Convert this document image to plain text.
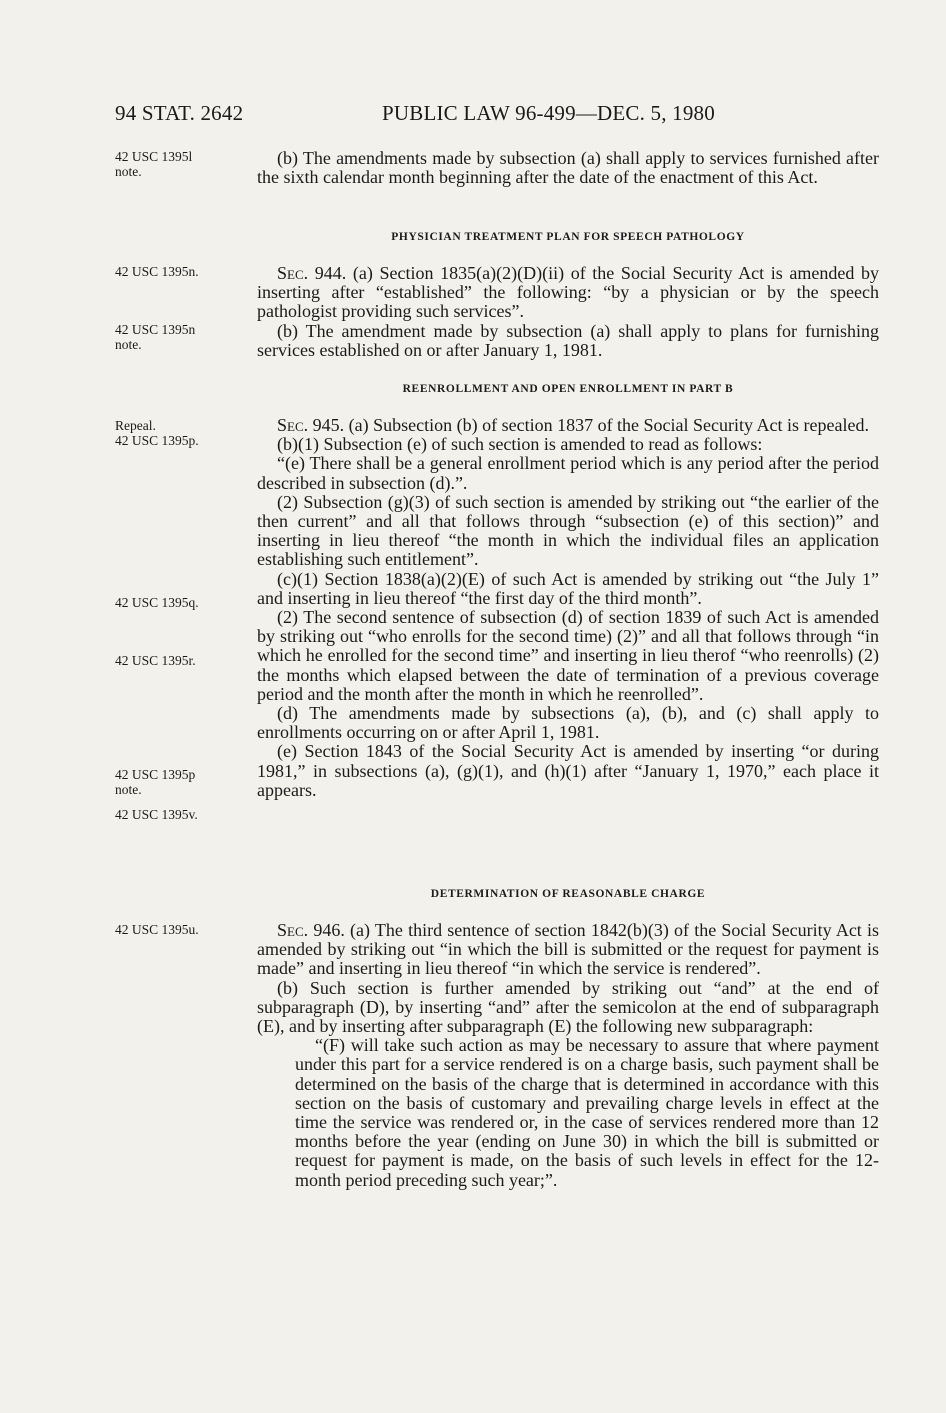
94 STAT. 2642	PUBLIC LAW 96-499—DEC. 5, 1980
42 USC 1395l
note.
42 USC 1395n.
42 USC 1395n
note.
Repeal.
42 USC 1395p.
42 USC 1395q.
42 USC 1395r.
42 USC 1395p
note.
42 USC 1395v.
42 USC 1395u.

(b) The amendments made by subsection (a) shall apply to services furnished after the sixth calendar month beginning after the date of the enactment of this Act.

PHYSICIAN TREATMENT PLAN FOR SPEECH PATHOLOGY

Sec. 944. (a) Section 1835(a)(2)(D)(ii) of the Social Security Act is amended by inserting after “established” the following: “by a physician or by the speech pathologist providing such services”.

(b) The amendment made by subsection (a) shall apply to plans for furnishing services established on or after January 1, 1981.

REENROLLMENT AND OPEN ENROLLMENT IN PART B

Sec. 945. (a) Subsection (b) of section 1837 of the Social Security Act is repealed.

(b)(1) Subsection (e) of such section is amended to read as follows:

“(e) There shall be a general enrollment period which is any period after the period described in subsection (d).”.

(2) Subsection (g)(3) of such section is amended by striking out “the earlier of the then current” and all that follows through “subsection (e) of this section)” and inserting in lieu thereof “the month in which the individual files an application establishing such entitlement”.

(c)(1) Section 1838(a)(2)(E) of such Act is amended by striking out “the July 1” and inserting in lieu thereof “the first day of the third month”.

(2) The second sentence of subsection (d) of section 1839 of such Act is amended by striking out “who enrolls for the second time) (2)” and all that follows through “in which he enrolled for the second time” and inserting in lieu therof “who reenrolls) (2) the months which elapsed between the date of termination of a previous coverage period and the month after the month in which he reenrolled”.

(d) The amendments made by subsections (a), (b), and (c) shall apply to enrollments occurring on or after April 1, 1981.

(e) Section 1843 of the Social Security Act is amended by inserting “or during 1981,” in subsections (a), (g)(1), and (h)(1) after “January 1, 1970,” each place it appears.

DETERMINATION OF REASONABLE CHARGE

Sec. 946. (a) The third sentence of section 1842(b)(3) of the Social Security Act is amended by striking out “in which the bill is submitted or the request for payment is made” and inserting in lieu thereof “in which the service is rendered”.

(b) Such section is further amended by striking out “and” at the end of subparagraph (D), by inserting “and” after the semicolon at the end of subparagraph (E), and by inserting after subparagraph (E) the following new subparagraph:

“(F) will take such action as may be necessary to assure that where payment under this part for a service rendered is on a charge basis, such payment shall be determined on the basis of the charge that is determined in accordance with this section on the basis of customary and prevailing charge levels in effect at the time the service was rendered or, in the case of services rendered more than 12 months before the year (ending on June 30) in which the bill is submitted or request for payment is made, on the basis of such levels in effect for the 12-month period preceding such year;”.
